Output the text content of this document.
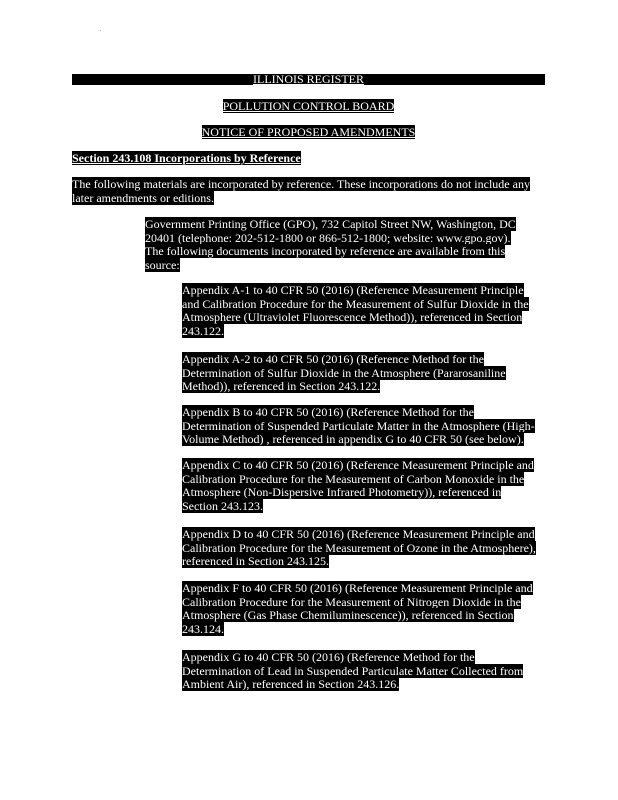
ILLINOIS REGISTER
POLLUTION CONTROL BOARD
NOTICE OF PROPOSED AMENDMENTS
Section 243.108 Incorporations by Reference

The following materials are incorporated by reference. These incorporations do not include any later amendments or editions.

Government Printing Office (GPO), 732 Capitol Street NW, Washington, DC 20401 (telephone: 202-512-1800 or 866-512-1800; website: www.gpo.gov). The following documents incorporated by reference are available from this source:

Appendix A-1 to 40 CFR 50 (2016) (Reference Measurement Principle and Calibration Procedure for the Measurement of Sulfur Dioxide in the Atmosphere (Ultraviolet Fluorescence Method)), referenced in Section 243.122.

Appendix A-2 to 40 CFR 50 (2016) (Reference Method for the Determination of Sulfur Dioxide in the Atmosphere (Pararosaniline Method)), referenced in Section 243.122.

Appendix B to 40 CFR 50 (2016) (Reference Method for the Determination of Suspended Particulate Matter in the Atmosphere (High-Volume Method) , referenced in appendix G to 40 CFR 50 (see below).

Appendix C to 40 CFR 50 (2016) (Reference Measurement Principle and Calibration Procedure for the Measurement of Carbon Monoxide in the Atmosphere (Non-Dispersive Infrared Photometry)), referenced in Section 243.123.

Appendix D to 40 CFR 50 (2016) (Reference Measurement Principle and Calibration Procedure for the Measurement of Ozone in the Atmosphere), referenced in Section 243.125.

Appendix F to 40 CFR 50 (2016) (Reference Measurement Principle and Calibration Procedure for the Measurement of Nitrogen Dioxide in the Atmosphere (Gas Phase Chemiluminescence)), referenced in Section 243.124.

Appendix G to 40 CFR 50 (2016) (Reference Method for the Determination of Lead in Suspended Particulate Matter Collected from Ambient Air), referenced in Section 243.126.
